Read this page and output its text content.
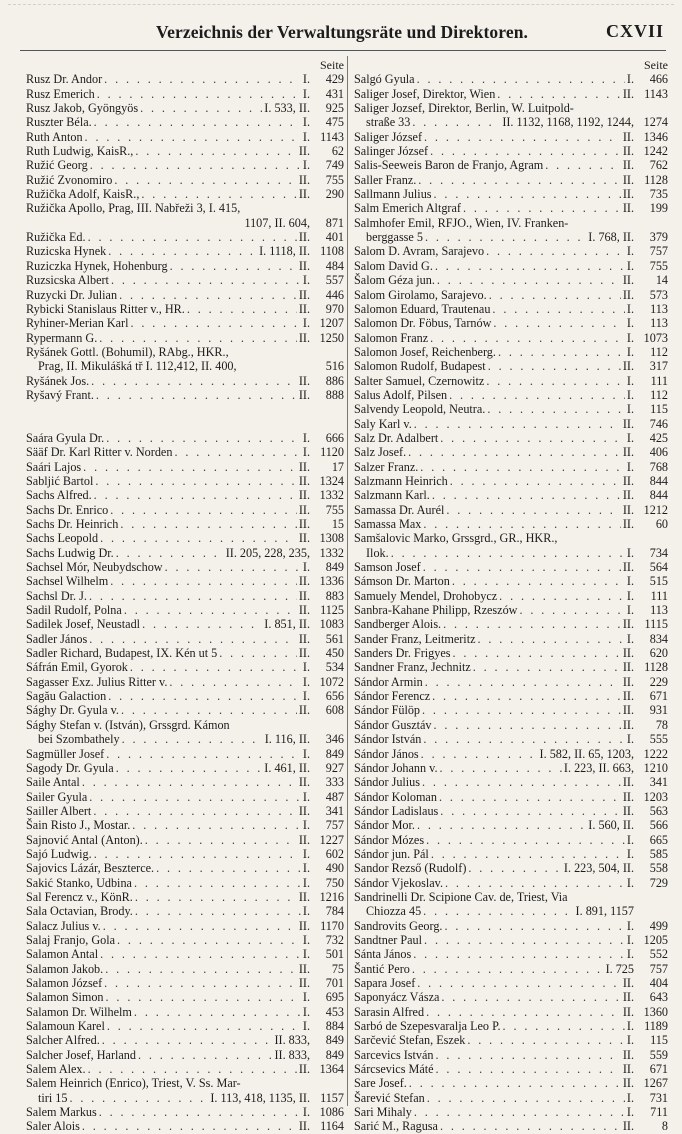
Verzeichnis der Verwaltungsräte und Direktoren.	CXVII
Seite
Rusz Dr. Andor . . .	I.	429
Rusz Emerich . . .	I.	431
Rusz Jakob, Gyöngyös . . .	I. 533, II.	925
Ruszter Béla. . . .	I.	475
Ruth Anton . . .	I. 1143
Ruth Ludwig, KaisR., . . .	II.	62
Ružić Georg . . .	I.	749
Ružić Zvonomiro . . .	II.	755
Ružička Adolf, KaisR., . . .	II.	290
Ružička Apollo, Prag, III. Nabřeži 3, I. 415,
1107, II. 604,	871
Ružička Ed. . . .	II.	401
Ruzicska Hynek . . .	I. 1118, II. 1108
Ruziczka Hynek, Hohenburg . . .	II.	484
Ruzsicska Albert . . .	I.	557
Ruzycki Dr. Julian . . .	II.	446
Rybicki Stanislaus Ritter v., HR. . . .	II.	970
Ryhiner-Merian Karl . . .	I. 1207
Rypermann G. . . .	II. 1250
Ryšánek Gottl. (Bohumil), RAbg., HKR.,
Prag, II. Mikulášká tř I. 112,412, II. 400,	516
Ryšánek Jos. . . .	II.	886
Ryšavý Frant. . . .	II.	888
Saára Gyula Dr. . . .	I.	666
Sääf Dr. Karl Ritter v. Norden . . .	I. 1120
Saári Lajos . . .	II.	17
Sabljić Bartol . . .	II. 1324
Sachs Alfred. . . .	II. 1332
Sachs Dr. Enrico . . .	II.	755
Sachs Dr. Heinrich . . .	II.	15
Sachs Leopold . . .	II. 1308
Sachs Ludwig Dr. . . .	II. 205, 228, 235, 1332
Sachsel Mór, Neubydschow . . .	I.	849
Sachsel Wilhelm . . .	II. 1336
Sachsl Dr. J. . . .	II.	883
Sadil Rudolf, Polna . . .	II. 1125
Sadilek Josef, Neustadl . . .	I. 851, II. 1083
Sadler János . . .	II.	561
Sadler Richard, Budapest, IX. Kén ut 5 . . .	II.	450
Sáfrán Emil, Gyorok . . .	I.	534
Sagasser Exz. Julius Ritter v. . . .	I. 1072
Sagău Galaction . . .	I.	656
Sághy Dr. Gyula v. . . .	II.	608
Sághy Stefan v. (István), Grssgrd. Kámon
bei Szombathely . . .	I. 116, II.	346
Sagmüller Josef . . .	I.	849
Sagody Dr. Gyula . . .	I. 461, II.	927
Saile Antal . . .	II.	333
Sailer Gyula . . .	I.	487
Sailler Albert . . .	II.	341
Šain Risto J., Mostar. . . .	I.	757
Sajnović Antal (Anton). . . .	II. 1227
Sajó Ludwig. . . .	I.	602
Sajovics Lázár, Beszterce. . . .	I.	490
Sakić Stanko, Udbina . . .	I.	750
Sal Ferencz v., KönR. . . .	II. 1216
Sala Octavian, Brody. . . .	I.	784
Salacz Julius v. . . .	II. 1170
Salaj Franjo, Gola . . .	I.	732
Salamon Antal . . .	I.	501
Salamon Jakob. . . .	II.	75
Salamon József . . .	II.	701
Salamon Simon . . .	I.	695
Salamon Dr. Wilhelm . . .	I.	453
Salamoun Karel . . .	I.	884
Salcher Alfred. . . .	II. 833,	849
Salcher Josef, Harland . . .	II. 833,	849
Salem Alex. . . .	II. 1364
Salem Heinrich (Enrico), Triest, V. Ss. Mar-
tiri 15 . . .	I. 113, 418, 1135, II. 1157
Salem Markus . . .	I. 1086
Saler Alois . . .	II. 1164
Seite
Salgó Gyula . . .	I.	466
Saliger Josef, Direktor, Wien . . .	II. 1143
Saliger Jozsef, Direktor, Berlin, W. Luitpold-
straße 33 . . .	II. 1132, 1168, 1192, 1244, 1274
Saliger József . . .	II. 1346
Salinger József . . .	II. 1242
Salis-Seeweis Baron de Franjo, Agram . . .	II.	762
Saller Franz. . . .	II. 1128
Sallmann Julius . . .	II.	735
Salm Emerich Altgraf . . .	II.	199
Salmhofer Emil, RFJO., Wien, IV. Franken-
berggasse 5 . . .	I. 768, II.	379
Salom D. Avram, Sarajevo . . .	I.	757
Salom David G. . . .	I.	755
Šalom Géza jun. . . .	II.	14
Salom Girolamo, Sarajevo. . . .	II.	573
Salomon Eduard, Trautenau . . .	I.	113
Salomon Dr. Föbus, Tarnów . . .	I.	113
Salomon Franz . . .	I. 1073
Salomon Josef, Reichenberg. . . .	I.	112
Salomon Rudolf, Budapest . . .	II.	317
Salter Samuel, Czernowitz . . .	I.	111
Salus Adolf, Pilsen . . .	I.	112
Salvendy Leopold, Neutra. . . .	I.	115
Saly Karl v. . . .	II.	746
Salz Dr. Adalbert . . .	I.	425
Salz Josef. . . .	II.	406
Salzer Franz. . . .	I.	768
Salzmann Heinrich . . .	II.	844
Salzmann Karl. . . .	II.	844
Samassa Dr. Aurél . . .	II. 1212
Samassa Max . . .	II.	60
Samšalovic Marko, Grssgrd., GR., HKR.,
Ilok. . . .	I.	734
Samson Josef . . .	II.	564
Sámson Dr. Marton . . .	I.	515
Samuely Mendel, Drohobycz . . .	I.	111
Sanbra-Kahane Philipp, Rzeszów . . .	I.	113
Sandberger Alois. . . .	II. 1115
Sander Franz, Leitmeritz . . .	I.	834
Sanders Dr. Frigyes . . .	II.	620
Sandner Franz, Jechnitz . . .	II. 1128
Sándor Armin . . .	II.	229
Sándor Ferencz . . .	II.	671
Sándor Fülöp . . .	II.	931
Sándor Gusztáv . . .	II.	78
Sándor István . . .	I.	555
Sándor János . . .	I. 582, II. 65, 1203, 1222
Sándor Johann v. . . .	I. 223, II. 663, 1210
Sándor Julius . . .	II.	341
Sándor Koloman . . .	II. 1203
Sándor Ladislaus . . .	II.	563
Sándor Mor. . . .	I. 560, II.	566
Sándor Mózes . . .	I.	665
Sándor jun. Pál . . .	I.	585
Sandor Rezső (Rudolf) . . .	I. 223, 504, II.	558
Sándor Vjekoslav. . . .	I.	729
Sandrinelli Dr. Scipione Cav. de, Triest, Via
Chiozza 45 . . .	I. 891, 1157
Sandrovits Georg. . . .	I.	499
Sandtner Paul . . .	I. 1205
Sánta János . . .	I.	552
Šantić Pero . . .	I. 725	757
Sapara Josef . . .	II.	404
Saponyácz Vásza . . .	II.	643
Sarasin Alfred . . .	II. 1360
Sarbó de Szepesvaralja Leo P. . . .	I. 1189
Sarčević Stefan, Eszek . . .	I.	115
Sarcevics István . . .	II.	559
Sárcsevics Máté . . .	II.	671
Sare Josef. . . .	II. 1267
Šarević Stefan . . .	I.	731
Sari Mihaly . . .	I.	711
Sarić M., Ragusa . . .	II.	8
